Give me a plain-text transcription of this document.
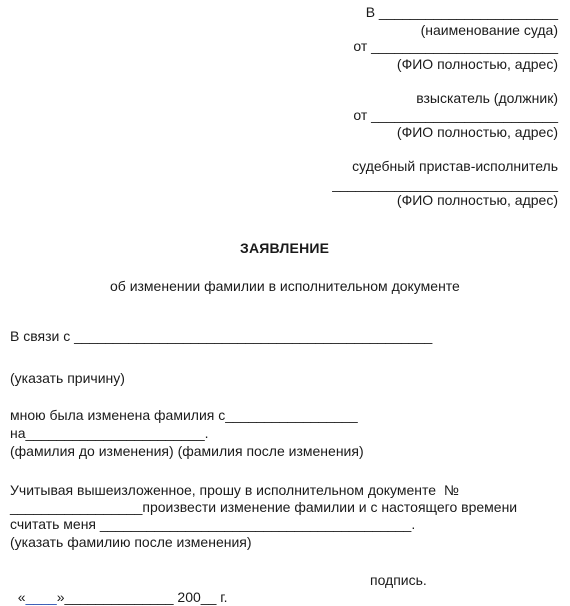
В _______________________
(наименование суда)
от ________________________
(ФИО полностью, адрес)
взыскатель (должник)
от ________________________
(ФИО полностью, адрес)
судебный пристав-исполнитель
_____________________________
(ФИО полностью, адрес)
ЗАЯВЛЕНИЕ
об изменении фамилии в исполнительном документе
В связи с ______________________________________________
(указать причину)
мною была изменена фамилия с_________________
на_______________________.
(фамилия до изменения) (фамилия после изменения)
Учитывая вышеизложенное, прошу в исполнительном документе  №
_________________произвести изменение фамилии и с настоящего времени
считать меня ________________________________________.
(указать фамилию после изменения)

«____»______________ 200__ г.

подпись.
